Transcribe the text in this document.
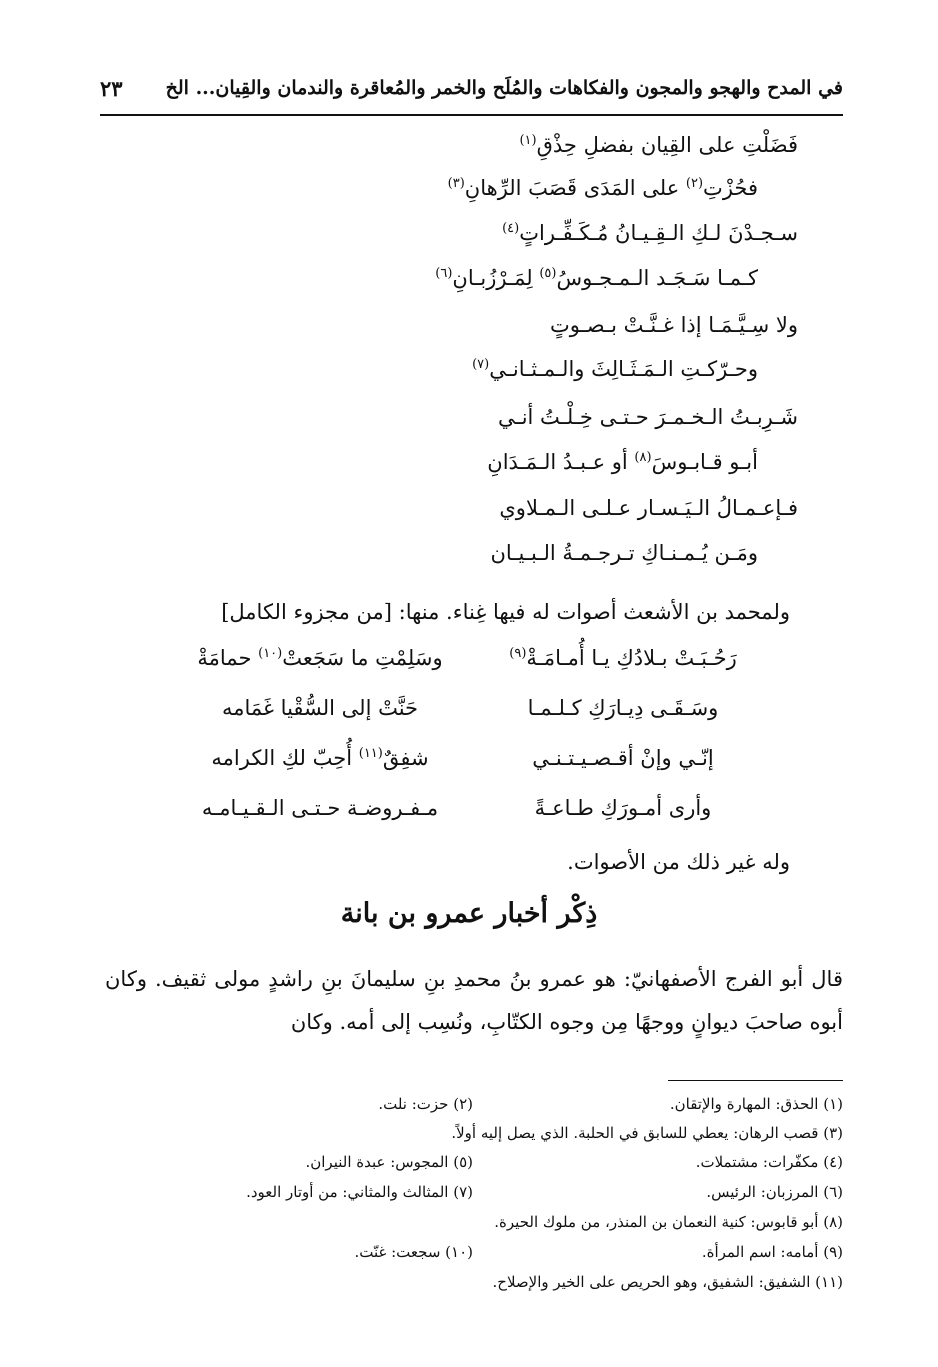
في المدح والهجو والمجون والفكاهات والمُلَح والخمر والمُعاقرة والندمان والقِيان... الخ
٢٣
فَضَلْتِ على القِيان بفضلِ حِذْقِ$^{(١)}$
فحُزْتِ$^{(٢)}$ على المَدَى قَصَبَ الرِّهانِ$^{(٣)}$
سـجـدْنَ لـكِ الـقِـيـانُ مُـكَـفِّـراتٍ$^{(٤)}$
كـمـا سَـجَـد الـمـجـوسُ$^{(٥)}$ لِمَـرْزُبـانِ$^{(٦)}$
ولا سِـيَّـمَـا إذا غـنَّـتْ بـصـوتٍ
وحـرّكـتِ الـمَـثَـالِثَ والـمـثـانـي$^{(٧)}$
شَـرِبـتُ الـخـمـرَ حـتـى خِـلْـتُ أنـي
أبـو قـابـوسَ$^{(٨)}$ أو عـبـدُ الـمَـدَانِ
فـإعـمـالُ الـيَـسـار عـلـى الـمـلاوي
ومَـن يُـمـنـاكِ تـرجـمـةُ الـبـيـان
ولمحمد بن الأشعث أصوات له فيها غِناء. منها: [من مجزوء الكامل]
رَحُـبَـتْ بـلادُكِ يـا أُمـامَـةْ$^{(٩)}$
وسَلِمْتِ ما سَجَعتْ$^{(١٠)}$ حمامَةْ
وسَـقَـى دِيـارَكِ كـلـمـا
حَنَّتْ إلى السُّقْيا غَمَامه
إنّـي وإنْ أقـصـيـتـنـي
شفِقٌ$^{(١١)}$ أُحِبّ لكِ الكرامه
وأرى أمـورَكِ طـاعـةً
مـفـروضـة حـتـى الـقـيـامـه
وله غير ذلك من الأصوات.
ذِكْر أخبار عمرو بن بانة
قال أبو الفرج الأصفهانيّ: هو عمرو بنُ محمدِ بنِ سليمانَ بنِ راشدٍ مولى ثقيف. وكان أبوه صاحبَ ديوانٍ ووجهًا مِن وجوه الكتّابِ، ونُسِب إلى أمه. وكان
(١) الحذق: المهارة والإتقان.
(٢) حزت: نلت.
(٣) قصب الرهان: يعطي للسابق في الحلبة. الذي يصل إليه أولاً.
(٤) مكفّرات: مشتملات.
(٥) المجوس: عبدة النيران.
(٦) المرزبان: الرئيس.
(٧) المثالث والمثاني: من أوتار العود.
(٨) أبو قابوس: كنية النعمان بن المنذر، من ملوك الحيرة.
(٩) أمامه: اسم المرأة.
(١٠) سجعت: غنّت.
(١١) الشفيق: الشفيق، وهو الحريص على الخير والإصلاح.
